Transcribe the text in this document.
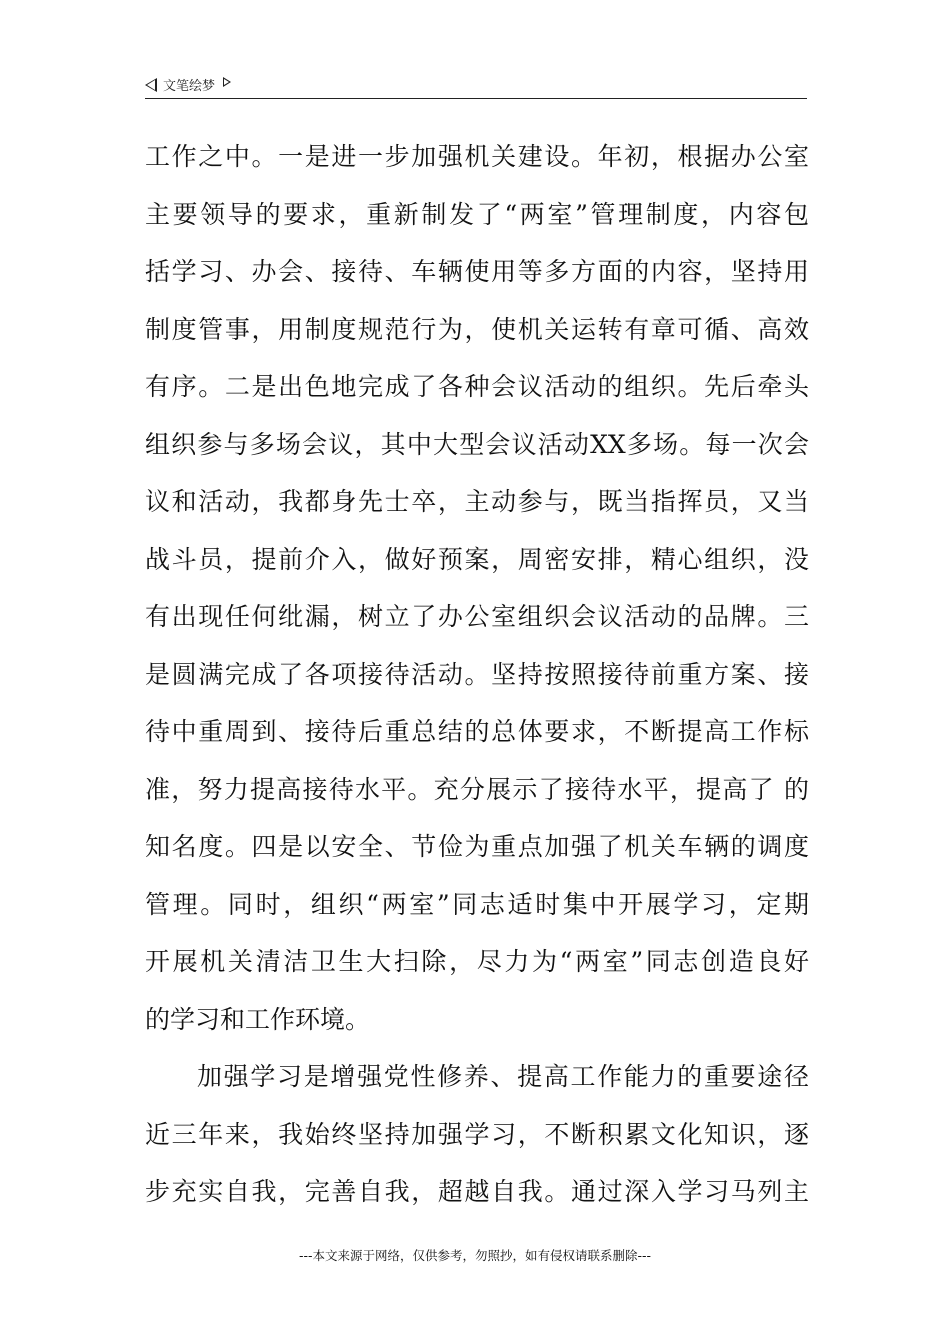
文笔绘梦
工作之中。一是进一步加强机关建设。年初，根据办公室
主要领导的要求，重新制发了“两室”管理制度，内容包
括学习、办会、接待、车辆使用等多方面的内容，坚持用
制度管事，用制度规范行为，使机关运转有章可循、高效
有序。二是出色地完成了各种会议活动的组织。先后牵头
组织参与多场会议，其中大型会议活动XX多场。每一次会
议和活动，我都身先士卒，主动参与，既当指挥员，又当
战斗员，提前介入，做好预案，周密安排，精心组织，没
有出现任何纰漏，树立了办公室组织会议活动的品牌。三
是圆满完成了各项接待活动。坚持按照接待前重方案、接
待中重周到、接待后重总结的总体要求，不断提高工作标
准，努力提高接待水平。充分展示了接待水平，提高了 的
知名度。四是以安全、节俭为重点加强了机关车辆的调度
管理。同时，组织“两室”同志适时集中开展学习，定期
开展机关清洁卫生大扫除，尽力为“两室”同志创造良好
的学习和工作环境。
加强学习是增强党性修养、提高工作能力的重要途径
近三年来，我始终坚持加强学习，不断积累文化知识，逐
步充实自我，完善自我，超越自我。通过深入学习马列主
---本文来源于网络，仅供参考，勿照抄，如有侵权请联系删除---
